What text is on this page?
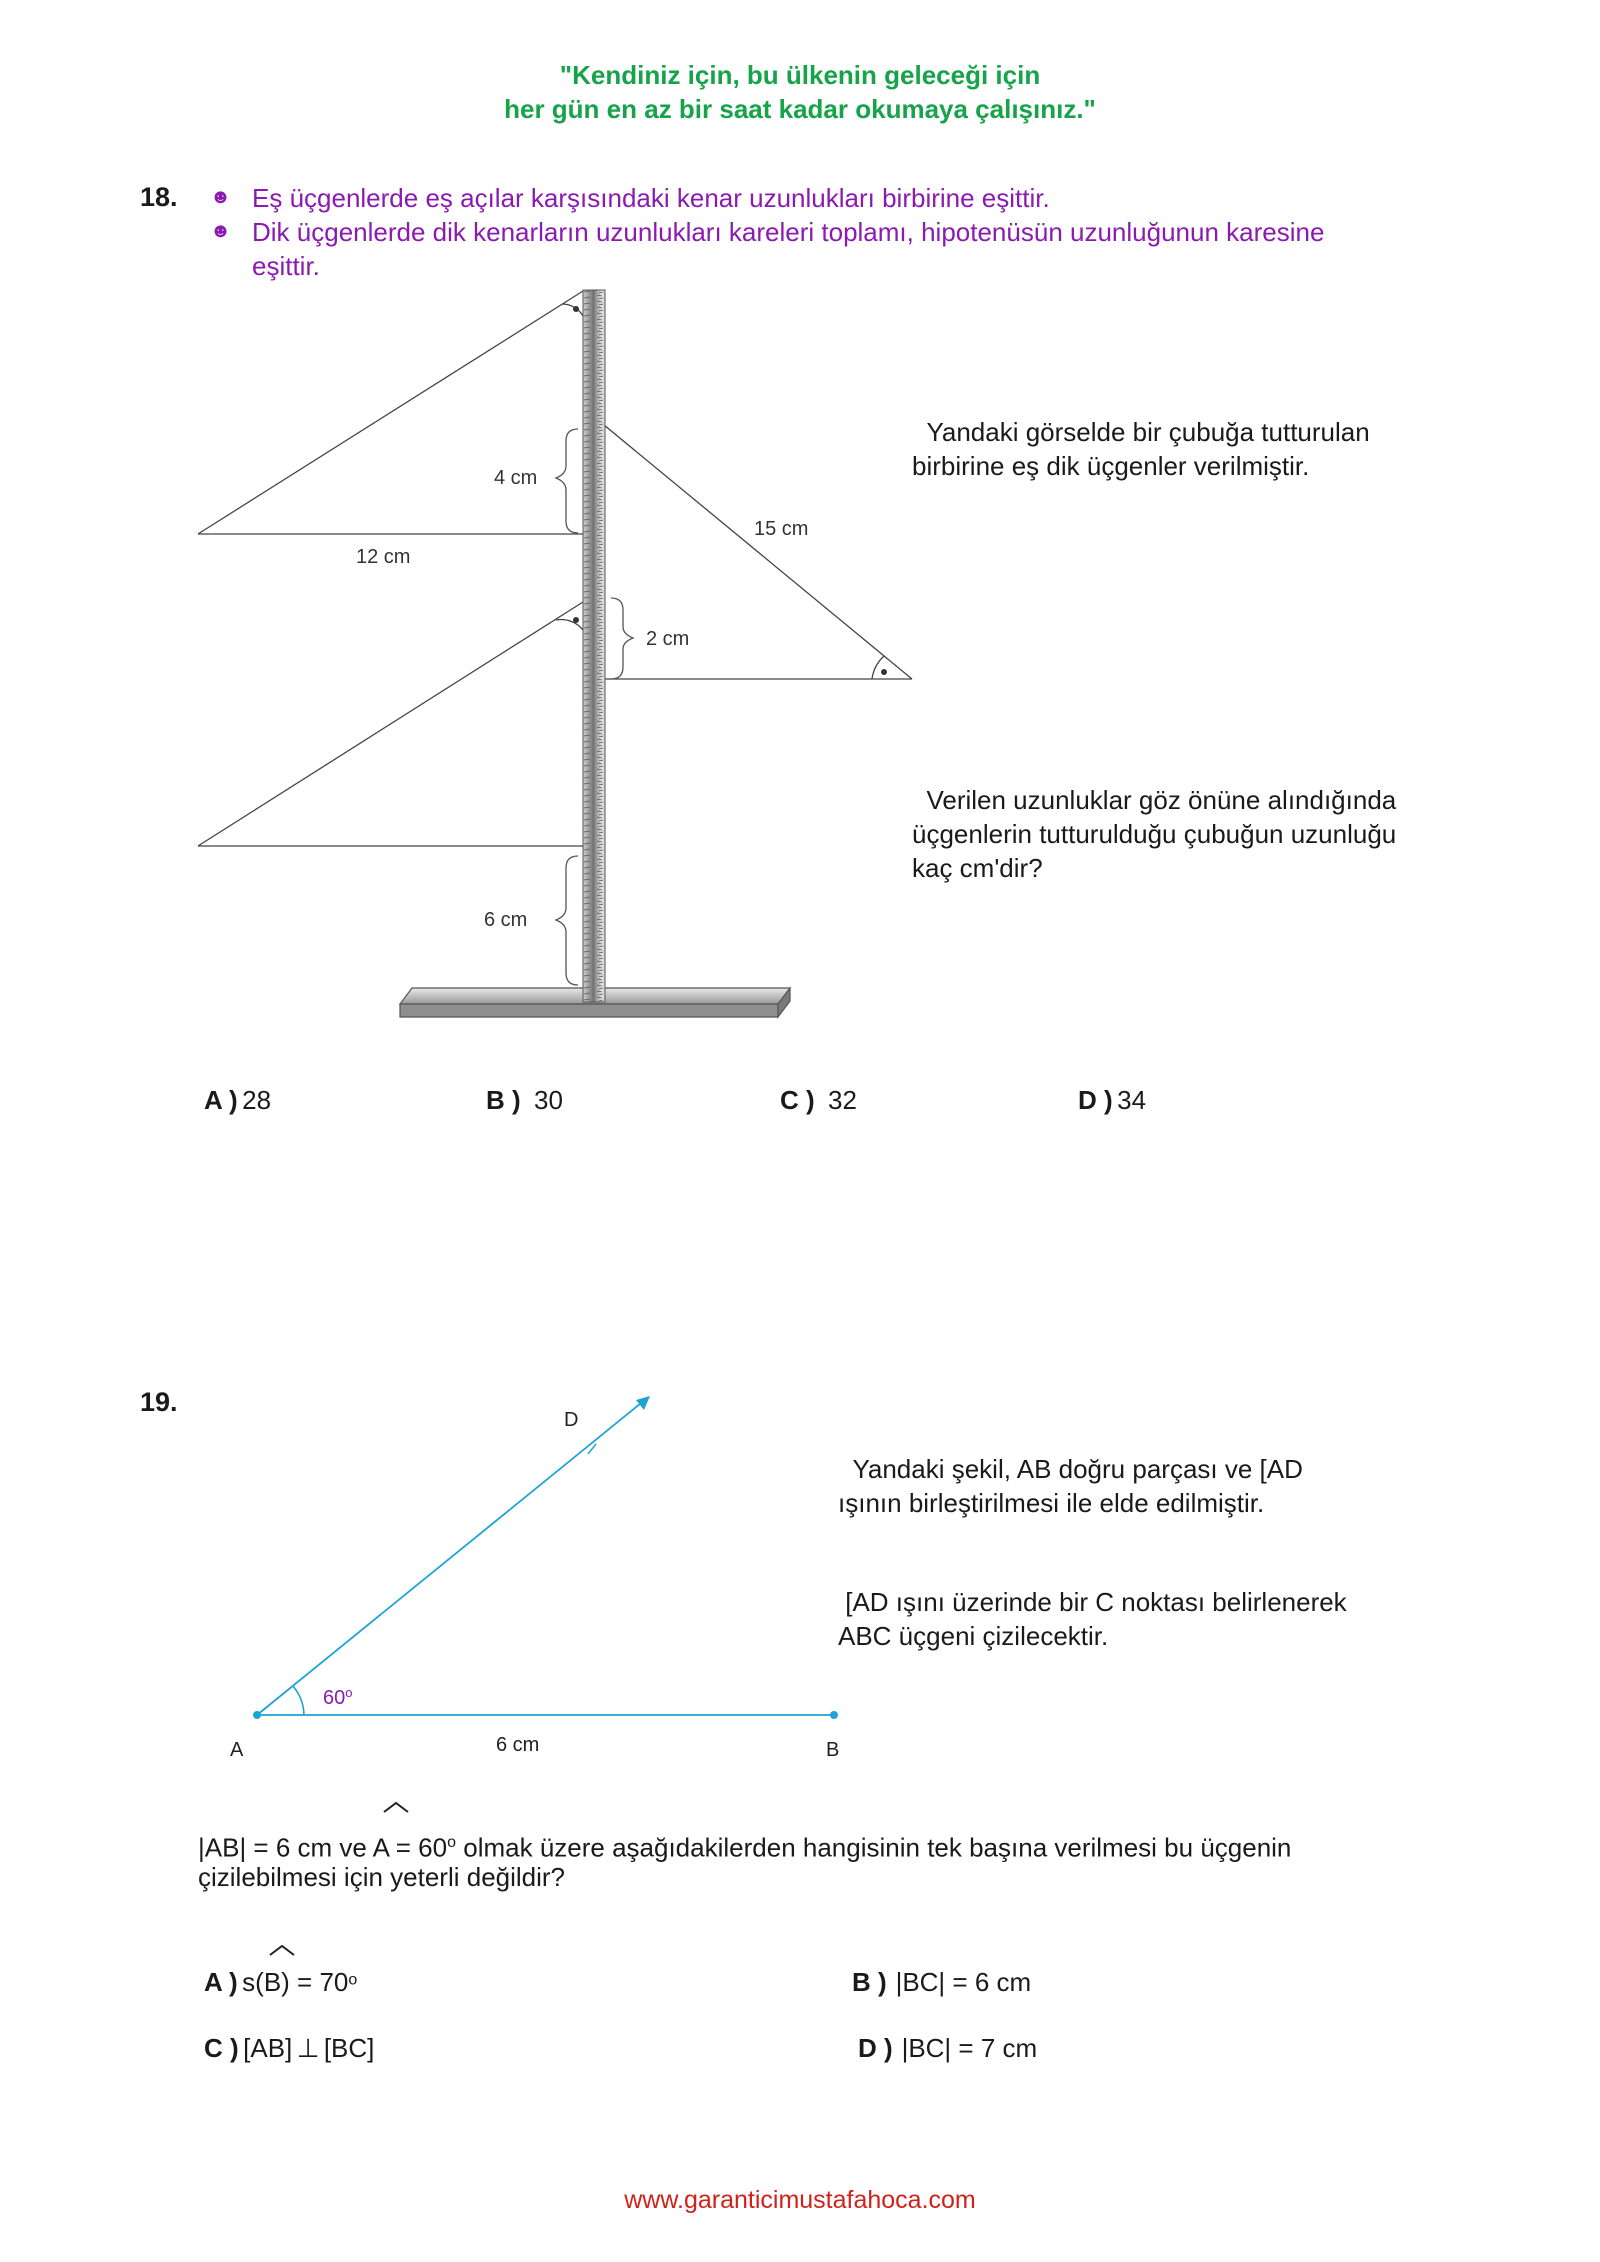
"Kendiniz için, bu ülkenin geleceği için
her gün en az bir saat kadar okumaya çalışınız."
18. ☻ Eş üçgenlerde eş açılar karşısındaki kenar uzunlukları birbirine eşittir.
☻ Dik üçgenlerde dik kenarların uzunlukları kareleri toplamı, hipotenüsün uzunluğunun karesine
eşittir.
4 cm
12 cm
15 cm
2 cm
6 cm
Yandaki görselde bir çubuğa tutturulan
birbirine eş dik üçgenler verilmiştir.
Verilen uzunluklar göz önüne alındığında
üçgenlerin tutturulduğu çubuğun uzunluğu
kaç cm'dir?
A ) 28	B ) 30	C ) 32	D ) 34
19.
D
A	B
6 cm
60$^o$
Yandaki şekil, AB doğru parçası ve [AD
ışının birleştirilmesi ile elde edilmiştir.
[AD ışını üzerinde bir C noktası belirlenerek
ABC üçgeni çizilecektir.
|AB| = 6 cm ve $A = 60^o$ olmak üzere aşağıdakilerden hangisinin tek başına verilmesi bu üçgenin
çizilebilmesi için yeterli değildir?
A ) $s(B) = 70^o$	B ) |BC| = 6 cm
C ) [AB] ⊥ [BC]	D ) |BC| = 7 cm
www.garanticimustafahoca.com
